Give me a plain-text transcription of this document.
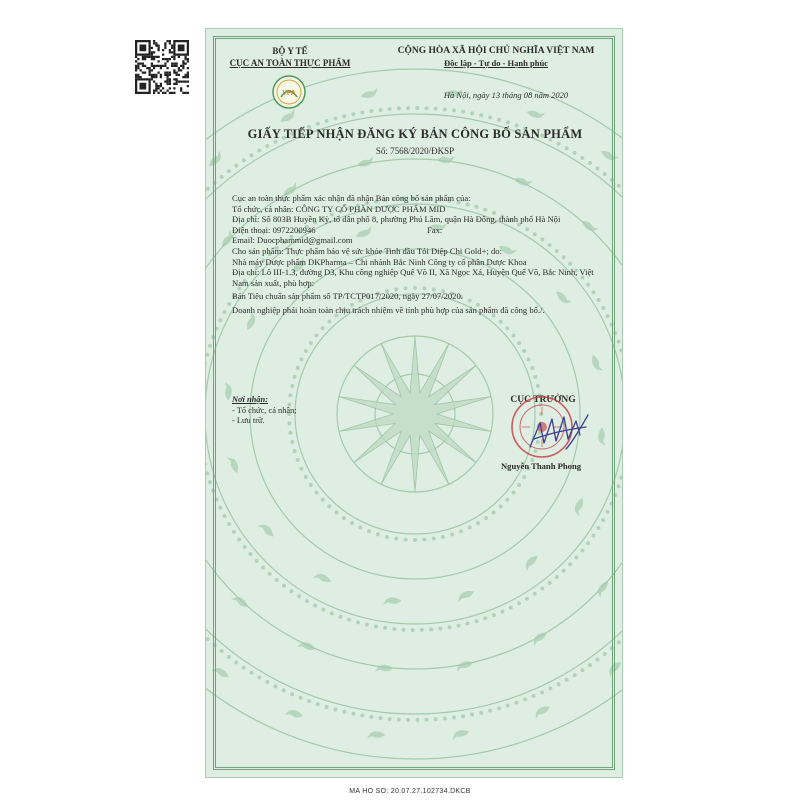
BỘ Y TẾ
CỤC AN TOÀN THỰC PHẨM
CỘNG HÒA XÃ HỘI CHỦ NGHĨA VIỆT NAM
Độc lập - Tự do - Hạnh phúc
VFA	Hà Nội, ngày 13 tháng 08 năm 2020
GIẤY TIẾP NHẬN ĐĂNG KÝ BẢN CÔNG BỐ SẢN PHẨM
Số: 7568/2020/ĐKSP

Cục an toàn thực phẩm xác nhận đã nhận Bản công bố sản phẩm của:

Tổ chức, cá nhân: CÔNG TY CỔ PHẦN DƯỢC PHẨM MID

Địa chỉ: Số 803B Huyền Kỳ, tổ dân phố 8, phường Phú Lãm, quận Hà Đông, thành phố Hà Nội

Điện thoại: 0972200946	Fax:

Email: Duocphammid@gmail.com

Cho sản phẩm: Thực phẩm bảo vệ sức khỏe Tinh dầu Tỏi Diệp Chi Gold+; do:

Nhà máy Dược phẩm DKPharma – Chi nhánh Bắc Ninh Công ty cổ phần Dược Khoa

Địa chỉ: Lô III-1.3, đường D3, Khu công nghiệp Quế Võ II, Xã Ngọc Xá, Huyện Quế Võ, Bắc Ninh, Việt Nam sản xuất, phù hợp:

Bản Tiêu chuẩn sản phẩm số TP/TCTP017/2020, ngày 27/07/2020.

Doanh nghiệp phải hoàn toàn chịu trách nhiệm về tính phù hợp của sản phẩm đã công bố./.

Nơi nhận:
- Tổ chức, cá nhân;
- Lưu trữ.
CỤC TRƯỞNG
Nguyễn Thanh Phong
MA HO SO: 20.07.27.102734.DKCB
